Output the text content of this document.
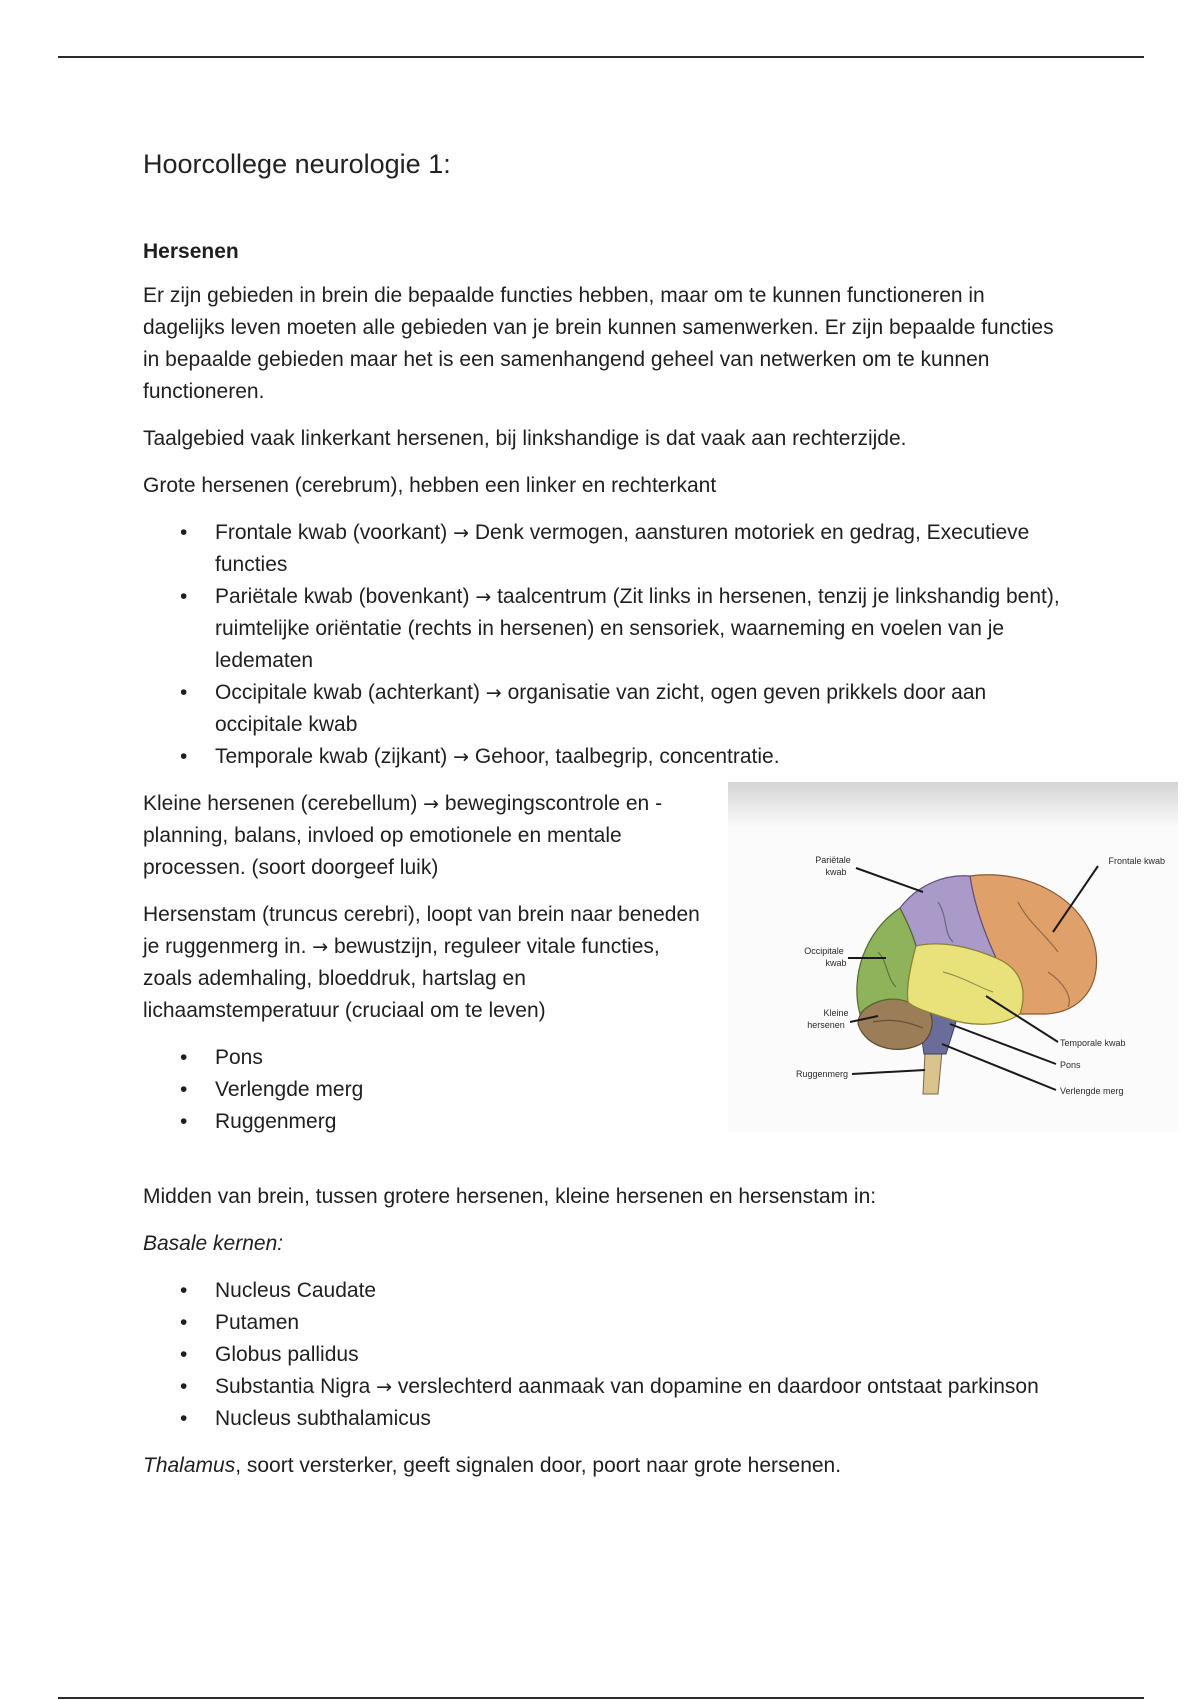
Hoorcollege neurologie 1:
Hersenen

Er zijn gebieden in brein die bepaalde functies hebben, maar om te kunnen functioneren in dagelijks leven moeten alle gebieden van je brein kunnen samenwerken. Er zijn bepaalde functies in bepaalde gebieden maar het is een samenhangend geheel van netwerken om te kunnen functioneren.

Taalgebied vaak linkerkant hersenen, bij linkshandige is dat vaak aan rechterzijde.

Grote hersenen (cerebrum), hebben een linker en rechterkant

• Frontale kwab (voorkant) → Denk vermogen, aansturen motoriek en gedrag, Executieve functies
• Pariëtale kwab (bovenkant) → taalcentrum (Zit links in hersenen, tenzij je linkshandig bent), ruimtelijke oriëntatie (rechts in hersenen) en sensoriek, waarneming en voelen van je ledematen
• Occipitale kwab (achterkant) → organisatie van zicht, ogen geven prikkels door aan occipitale kwab
• Temporale kwab (zijkant) → Gehoor, taalbegrip, concentratie.

Kleine hersenen (cerebellum) → bewegingscontrole en -planning, balans, invloed op emotionele en mentale processen. (soort doorgeef luik)

Hersenstam (truncus cerebri), loopt van brein naar beneden je ruggenmerg in. → bewustzijn, reguleer vitale functies, zoals ademhaling, bloeddruk, hartslag en lichaamstemperatuur (cruciaal om te leven)

• Pons
• Verlengde merg
• Ruggenmerg
Pariëtale
kwab
Frontale kwab
Occipitale
kwab
Kleine
hersenen
Temporale kwab
Pons
Ruggenmerg
Verlengde merg

Midden van brein, tussen grotere hersenen, kleine hersenen en hersenstam in:

Basale kernen:

• Nucleus Caudate
• Putamen
• Globus pallidus
• Substantia Nigra → verslechterd aanmaak van dopamine en daardoor ontstaat parkinson
• Nucleus subthalamicus

Thalamus, soort versterker, geeft signalen door, poort naar grote hersenen.
